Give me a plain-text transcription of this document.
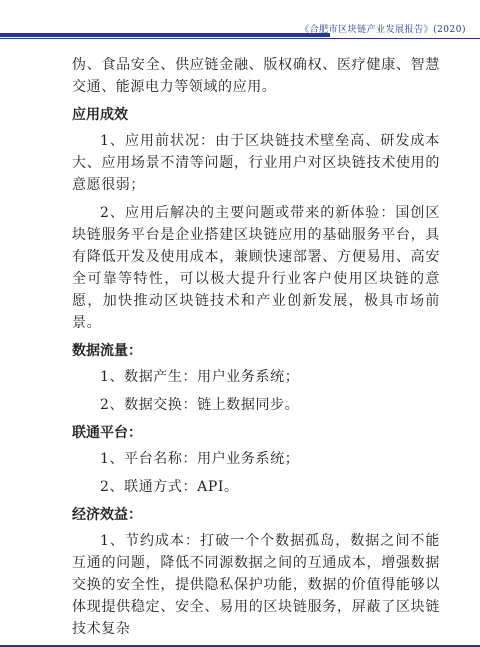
《合肥市区块链产业发展报告》(2020)

伪、食品安全、供应链金融、版权确权、医疗健康、智慧交通、能源电力等领域的应用。

应用成效

1、应用前状况：由于区块链技术壁垒高、研发成本大、应用场景不清等问题，行业用户对区块链技术使用的意愿很弱；

2、应用后解决的主要问题或带来的新体验：国创区块链服务平台是企业搭建区块链应用的基础服务平台，具有降低开发及使用成本，兼顾快速部署、方便易用、高安全可靠等特性，可以极大提升行业客户使用区块链的意愿，加快推动区块链技术和产业创新发展，极具市场前景。

数据流量：

1、数据产生：用户业务系统；

2、数据交换：链上数据同步。

联通平台：

1、平台名称：用户业务系统；

2、联通方式：API。

经济效益：

1、节约成本：打破一个个数据孤岛，数据之间不能互通的问题，降低不同源数据之间的互通成本，增强数据交换的安全性，提供隐私保护功能，数据的价值得能够以体现提供稳定、安全、易用的区块链服务，屏蔽了区块链技术复杂
